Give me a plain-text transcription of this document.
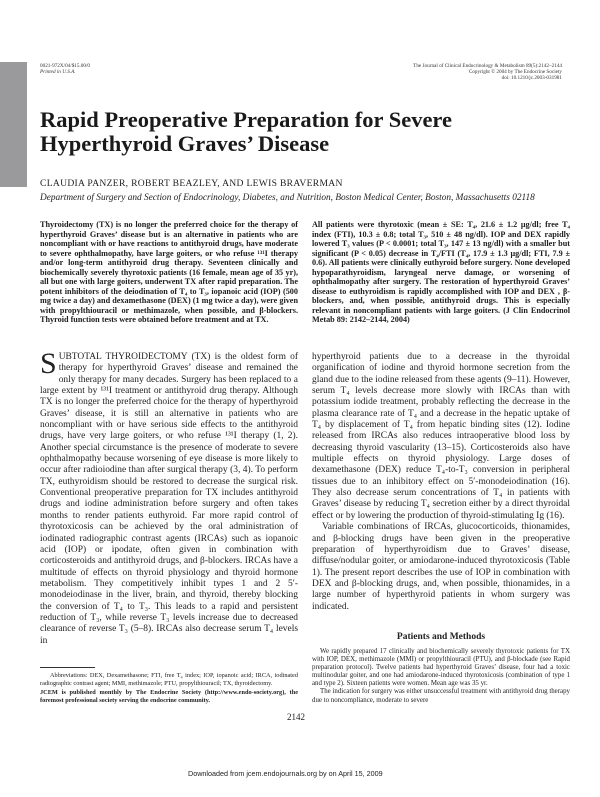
0021-972X/04/$15.00/0
Printed in U.S.A.
The Journal of Clinical Endocrinology & Metabolism 89(5):2142–2144
Copyright © 2004 by The Endocrine Society
doi: 10.1210/jc.2003-031981
Rapid Preoperative Preparation for Severe
Hyperthyroid Graves’ Disease
CLAUDIA PANZER, ROBERT BEAZLEY, AND LEWIS BRAVERMAN
Department of Surgery and Section of Endocrinology, Diabetes, and Nutrition, Boston Medical Center, Boston, Massachusetts 02118
Thyroidectomy (TX) is no longer the preferred choice for the therapy of hyperthyroid Graves’ disease but is an alternative in patients who are noncompliant with or have reactions to antithyroid drugs, have moderate to severe ophthalmopathy, have large goiters, or who refuse ¹³¹I therapy and/or long-term antithyroid drug therapy. Seventeen clinically and biochemically severely thyrotoxic patients (16 female, mean age of 35 yr), all but one with large goiters, underwent TX after rapid preparation. The potent inhibitors of the deiodination of T₄ to T₃, iopanoic acid (IOP) (500 mg twice a day) and dexamethasone (DEX) (1 mg twice a day), were given with propylthiouracil or methimazole, when possible, and β-blockers. Thyroid function tests were obtained before treatment and at TX.
All patients were thyrotoxic (mean ± SE: T₄, 21.6 ± 1.2 μg/dl; free T₄ index (FTI), 10.3 ± 0.8; total T₃, 510 ± 48 ng/dl). IOP and DEX rapidly lowered T₃ values (P < 0.0001; total T₃, 147 ± 13 ng/dl) with a smaller but significant (P < 0.05) decrease in T₄/FTI (T₄, 17.9 ± 1.3 μg/dl; FTI, 7.9 ± 0.6). All patients were clinically euthyroid before surgery. None developed hypoparathyroidism, laryngeal nerve damage, or worsening of ophthalmopathy after surgery. The restoration of hyperthyroid Graves’ disease to euthyroidism is rapidly accomplished with IOP and DEX , β-blockers, and, when possible, antithyroid drugs. This is especially relevant in noncompliant patients with large goiters. (J Clin Endocrinol Metab 89: 2142–2144, 2004)

SUBTOTAL THYROIDECTOMY (TX) is the oldest form of therapy for hyperthyroid Graves’ disease and remained the only therapy for many decades. Surgery has been replaced to a large extent by ¹³¹I treatment or antithyroid drug therapy. Although TX is no longer the preferred choice for the therapy of hyperthyroid Graves’ disease, it is still an alternative in patients who are noncompliant with or have serious side effects to the antithyroid drugs, have very large goiters, or who refuse ¹³¹I therapy (1, 2). Another special circumstance is the presence of moderate to severe ophthalmopathy because worsening of eye disease is more likely to occur after radioiodine than after surgical therapy (3, 4). To perform TX, euthyroidism should be restored to decrease the surgical risk. Conventional preoperative preparation for TX includes antithyroid drugs and iodine administration before surgery and often takes months to render patients euthyroid. Far more rapid control of thyrotoxicosis can be achieved by the oral administration of iodinated radiographic contrast agents (IRCAs) such as iopanoic acid (IOP) or ipodate, often given in combination with corticosteroids and antithyroid drugs, and β-blockers. IRCAs have a multitude of effects on thyroid physiology and thyroid hormone metabolism. They competitively inhibit types 1 and 2 5′-monodeiodinase in the liver, brain, and thyroid, thereby blocking the conversion of T₄ to T₃. This leads to a rapid and persistent reduction of T₃, while reverse T₃ levels increase due to decreased clearance of reverse T₃ (5–8). IRCAs also decrease serum T₄ levels in

hyperthyroid patients due to a decrease in the thyroidal organification of iodine and thyroid hormone secretion from the gland due to the iodine released from these agents (9–11). However, serum T₄ levels decrease more slowly with IRCAs than with potassium iodide treatment, probably reflecting the decrease in the plasma clearance rate of T₄ and a decrease in the hepatic uptake of T₄ by displacement of T₄ from hepatic binding sites (12). Iodine released from IRCAs also reduces intraoperative blood loss by decreasing thyroid vascularity (13–15). Corticosteroids also have multiple effects on thyroid physiology. Large doses of dexamethasone (DEX) reduce T₄-to-T₃ conversion in peripheral tissues due to an inhibitory effect on 5′-monodeiodination (16). They also decrease serum concentrations of T₄ in patients with Graves’ disease by reducing T₄ secretion either by a direct thyroidal effect or by lowering the production of thyroid-stimulating Ig (16).

Variable combinations of IRCAs, glucocorticoids, thionamides, and β-blocking drugs have been given in the preoperative preparation of hyperthyroidism due to Graves’ disease, diffuse/nodular goiter, or amiodarone-induced thyrotoxicosis (Table 1). The present report describes the use of IOP in combination with DEX and β-blocking drugs, and, when possible, thionamides, in a large number of hyperthyroid patients in whom surgery was indicated.

Patients and Methods

We rapidly prepared 17 clinically and biochemically severely thyrotoxic patients for TX with IOP, DEX, methimazole (MMI) or propylthiouracil (PTU), and β-blockade (see Rapid preparation protocol). Twelve patients had hyperthyroid Graves’ disease, four had a toxic multinodular goiter, and one had amiodarone-induced thyrotoxicosis (combination of type 1 and type 2). Sixteen patients were women. Mean age was 35 yr.

The indication for surgery was either unsuccessful treatment with antithyroid drug therapy due to noncompliance, moderate to severe

Abbreviations: DEX, Dexamethasone; FTI, free T₄ index; IOP, iopanoic acid; IRCA, iodinated radiographic contrast agent; MMI, methimazole; PTU, propylthiouracil; TX, thyroidectomy.

JCEM is published monthly by The Endocrine Society (http://www.endo-society.org), the foremost professional society serving the endocrine community.

2142
Downloaded from jcem.endojournals.org by on April 15, 2009
